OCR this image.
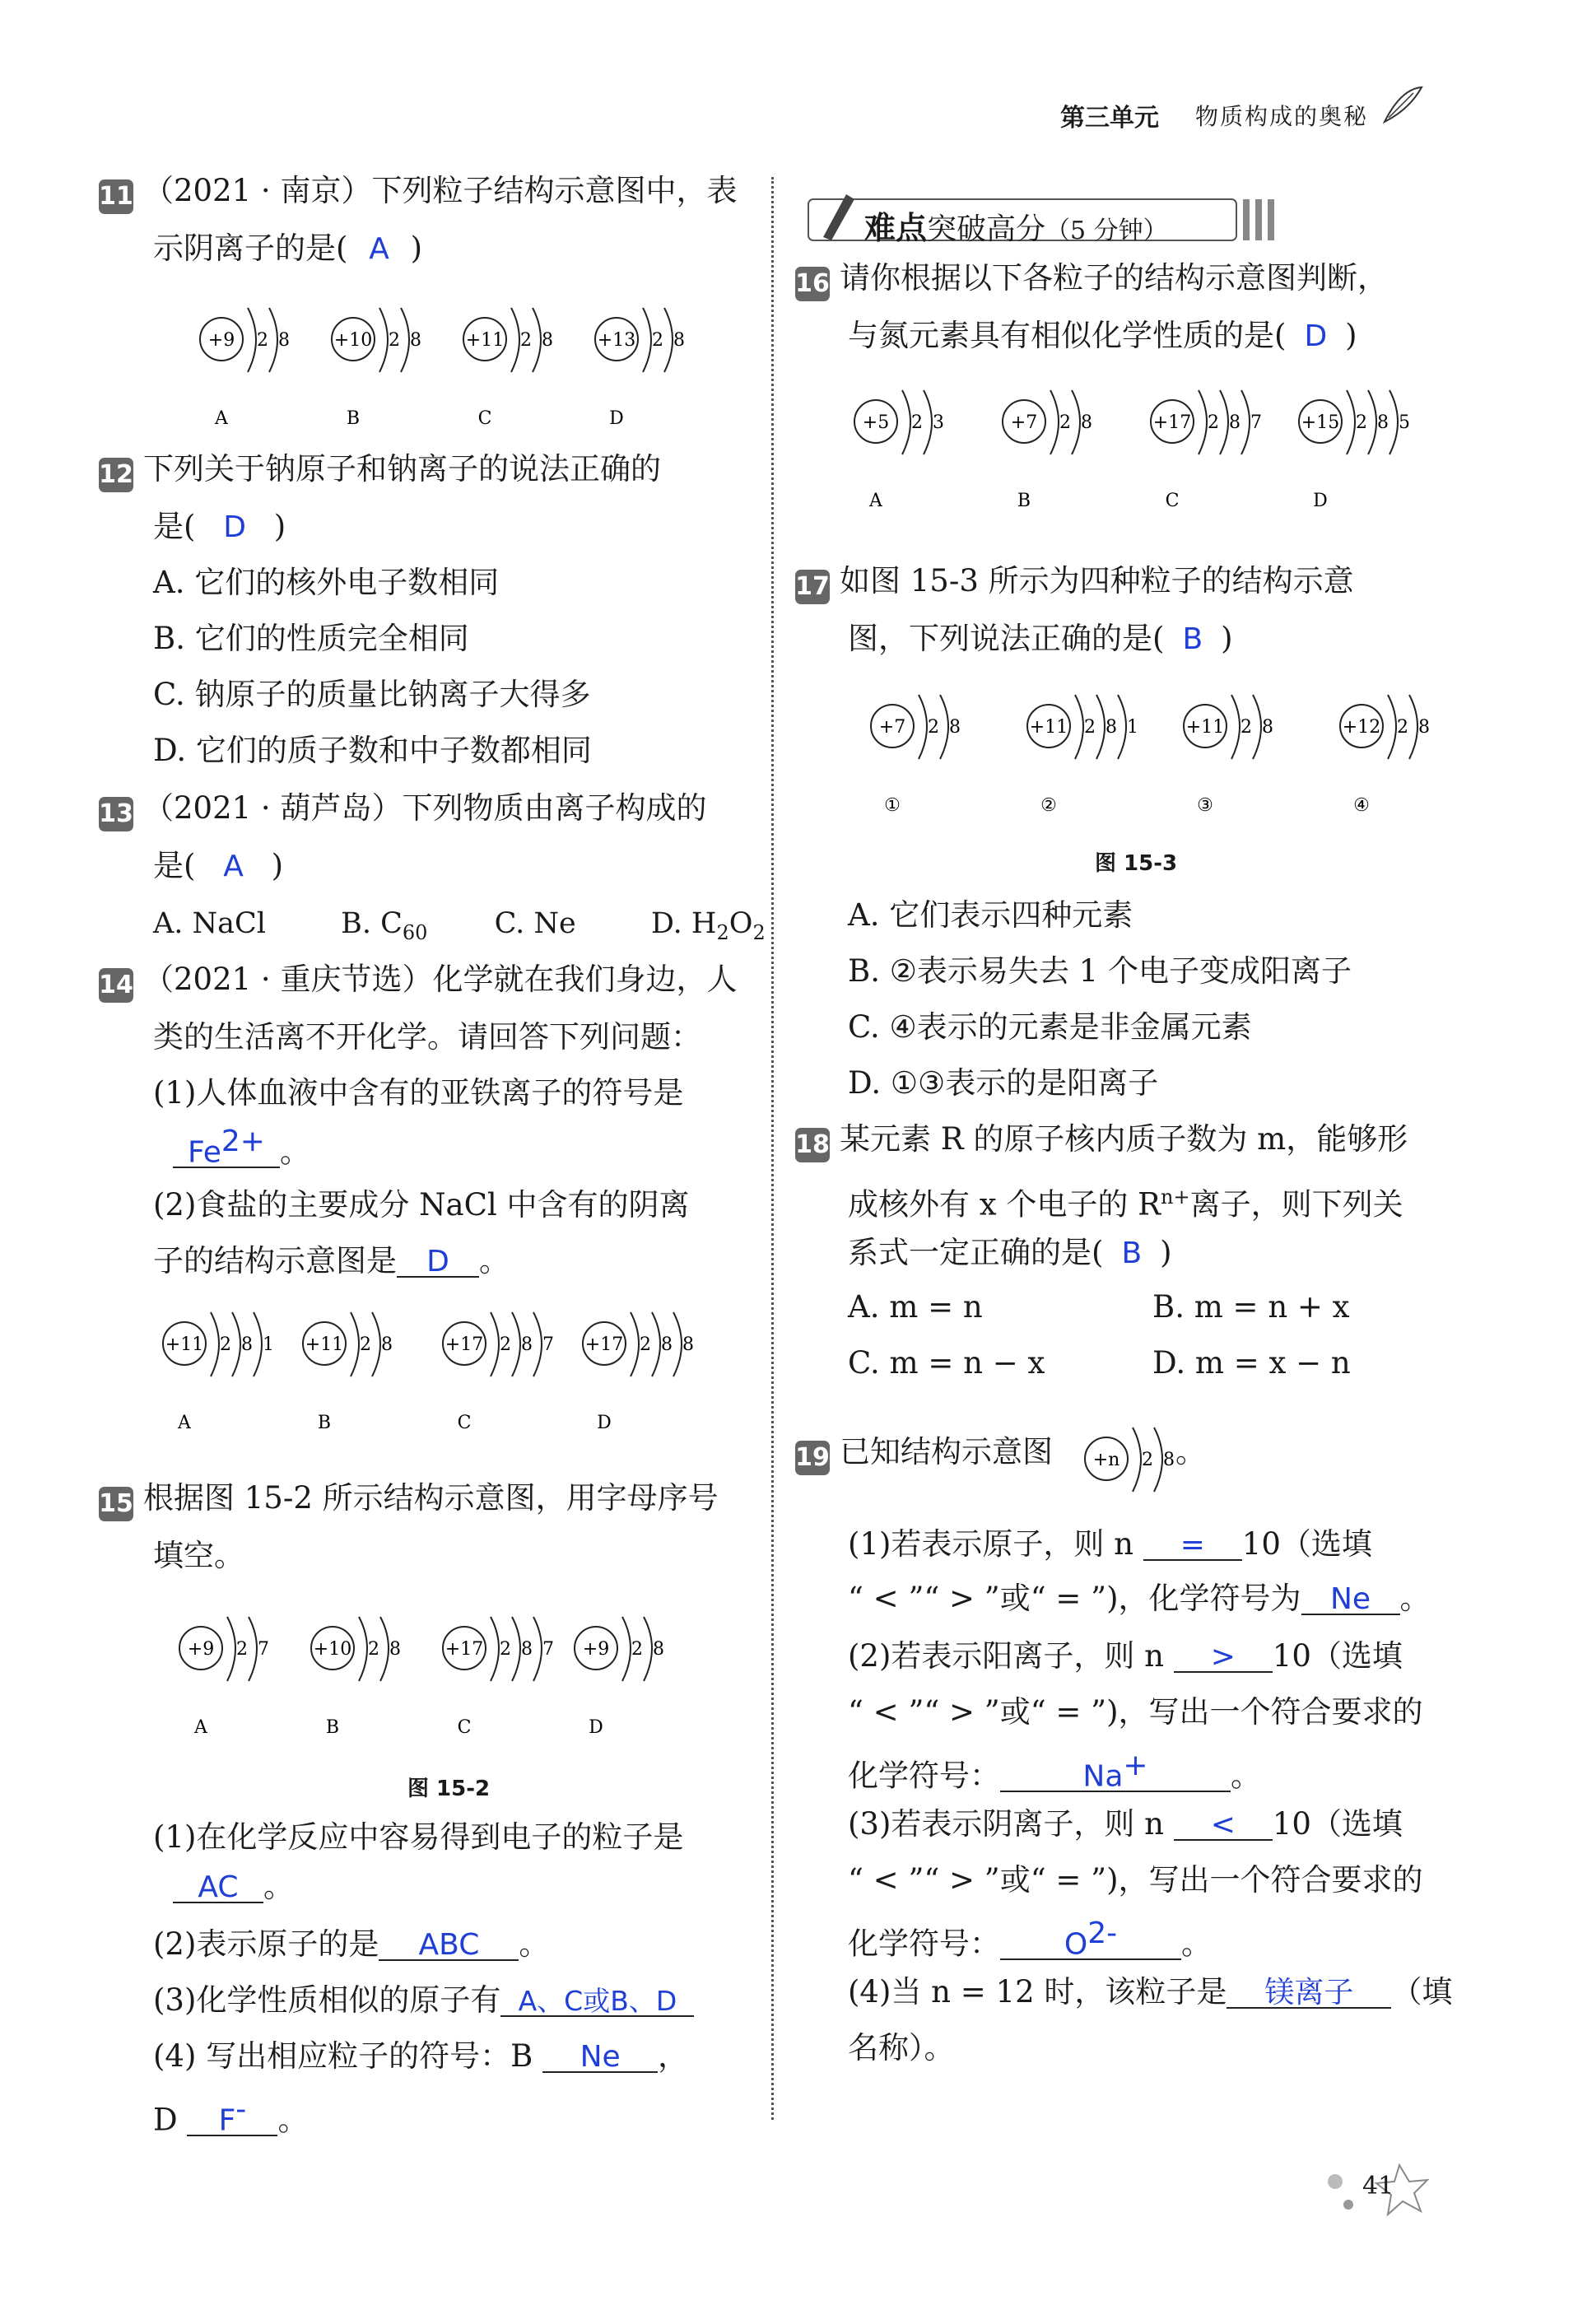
第三单元 物质构成的奥秘
11 （2021 · 南京）下列粒子结构示意图中，表
示阴离子的是( A )
+9 2 8
A
+10 2 8
B
+11 2 8
C
+13 2 8
D
12 下列关于钠原子和钠离子的说法正确的
是( D )
A. 它们的核外电子数相同
B. 它们的性质完全相同
C. 钠原子的质量比钠离子大得多
D. 它们的质子数和中子数都相同
13 （2021 · 葫芦岛）下列物质由离子构成的
是( A )
A. NaCl	B. $C_{60}$ C. Ne	D. $H_2O_2$
14 （2021 · 重庆节选）化学就在我们身边，人
类的生活离不开化学。请回答下列问题：
(1)人体血液中含有的亚铁离子的符号是
$Fe^{2+}$ 。
(2)食盐的主要成分 NaCl 中含有的阴离
子的结构示意图是 D 。
+11 2 8 1
A
+11 2 8
B
+17 2 8 7
C
+17 2 8 8
D
15 根据图 15-2 所示结构示意图，用字母序号
填空。
+9 2 7
A
+10 2 8
B
+17 2 8 7
C
+9 2 8
D
图 15-2
(1)在化学反应中容易得到电子的粒子是
AC 。
(2)表示原子的是 ABC 。
(3)化学性质相似的原子有 A、C或B、D
(4) 写出相应粒子的符号：B Ne ，
D F- 。
难点突破高分（5 分钟）
16 请你根据以下各粒子的结构示意图判断，
与氮元素具有相似化学性质的是( D )
+5 2 3
A
+7 2 8
B
+17 2 8 7
C
+15 2 8 5
D
17 如图 15-3 所示为四种粒子的结构示意
图，下列说法正确的是( B )
+7 2 8
①
+11 2 8 1
②
+11 2 8
③
+12 2 8
④
图 15-3
A. 它们表示四种元素
B. ②表示易失去 1 个电子变成阳离子
C. ④表示的元素是非金属元素
D. ①③表示的是阳离子
18 某元素 R 的原子核内质子数为 m，能够形
成核外有 x 个电子的 $R^{n+}$离子，则下列关
系式一定正确的是( B )
A. m = n	B. m = n + x
C. m = n − x	D. m = x − n
19 已知结构示意图 +n 2 8 。
(1)若表示原子，则 n = 10（选填
“ < ”“ > ”或“ = ”)，化学符号为 Ne 。
(2)若表示阳离子，则 n > 10（选填
“ < ”“ > ”或“ = ”)，写出一个符合要求的
化学符号：	Na+	。
(3)若表示阴离子，则 n < 10（选填
“ < ”“ > ”或“ = ”)，写出一个符合要求的
化学符号： $O^{2-}$ 。
(4)当 n = 12 时，该粒子是 镁离子 （填
名称）。
41
